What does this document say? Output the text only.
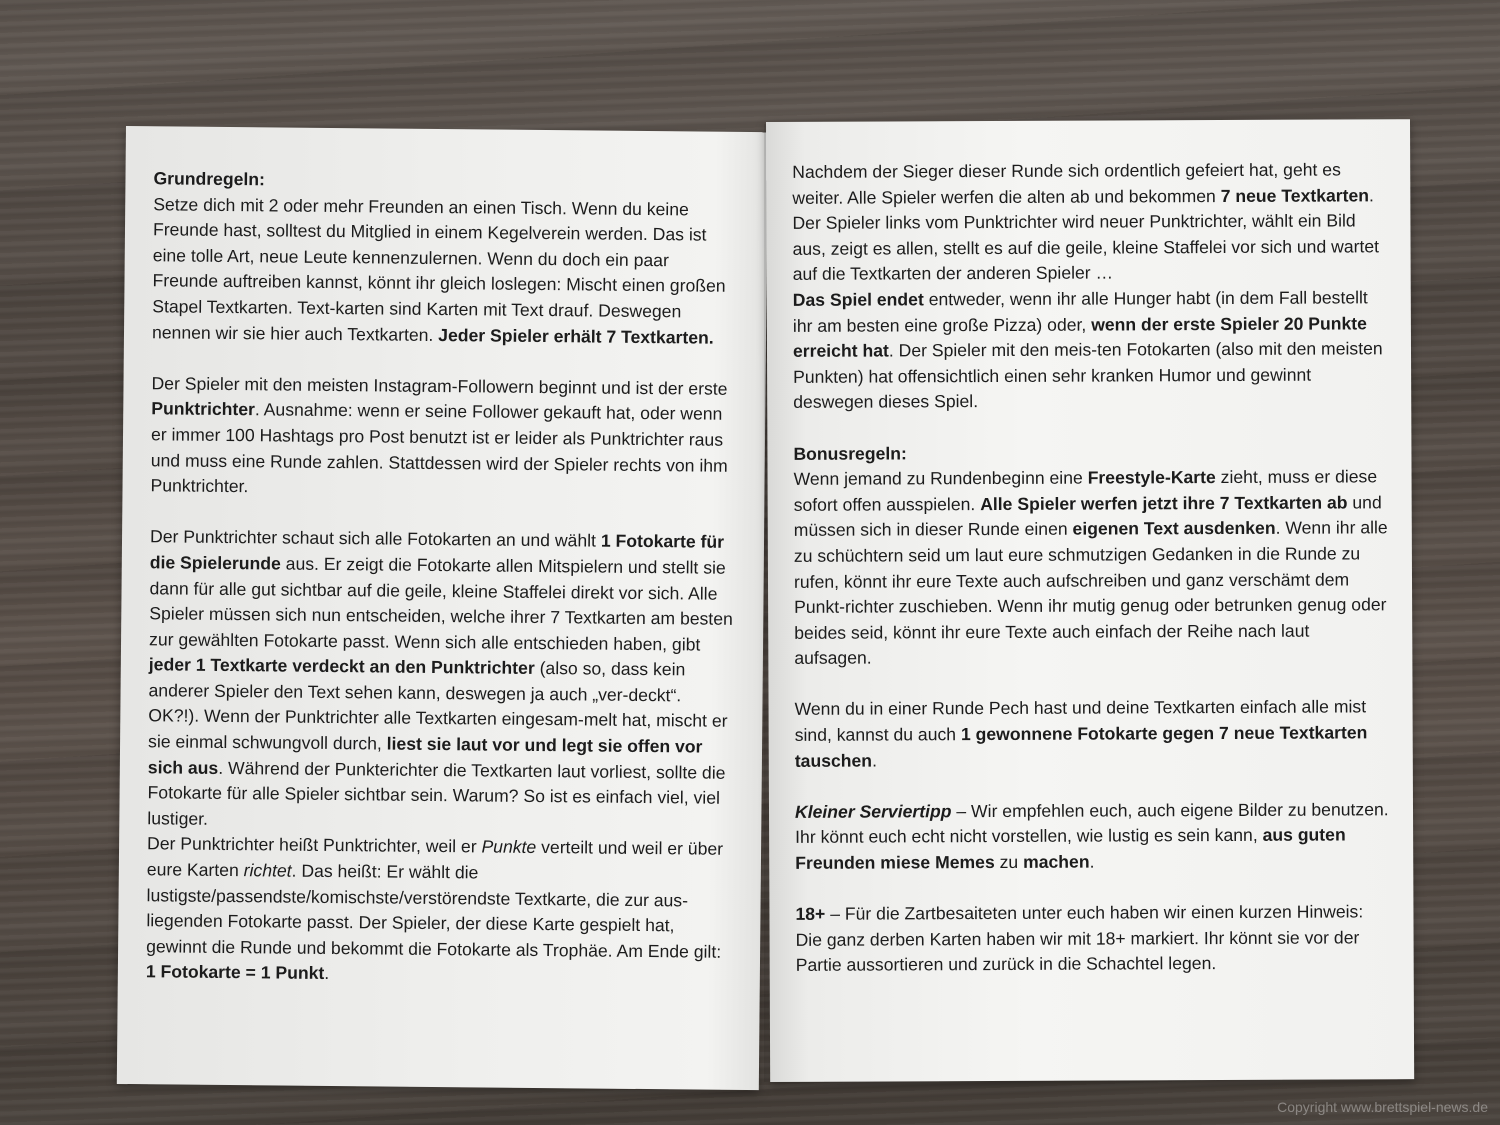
Grundregeln:
Setze dich mit 2 oder mehr Freunden an einen Tisch. Wenn du keine Freunde hast, solltest du Mitglied in einem Kegelverein werden. Das ist eine tolle Art, neue Leute kennenzulernen. Wenn du doch ein paar Freunde auftreiben kannst, könnt ihr gleich loslegen: Mischt einen großen Stapel Textkarten. Text-karten sind Karten mit Text drauf. Deswegen nennen wir sie hier auch Textkarten. Jeder Spieler erhält 7 Textkarten.

Der Spieler mit den meisten Instagram-Followern beginnt und ist der erste Punktrichter. Ausnahme: wenn er seine Follower gekauft hat, oder wenn er immer 100 Hashtags pro Post benutzt ist er leider als Punktrichter raus und muss eine Runde zahlen. Stattdessen wird der Spieler rechts von ihm Punktrichter.

Der Punktrichter schaut sich alle Fotokarten an und wählt 1 Fotokarte für die Spielerunde aus. Er zeigt die Fotokarte allen Mitspielern und stellt sie dann für alle gut sichtbar auf die geile, kleine Staffelei direkt vor sich. Alle Spieler müssen sich nun entscheiden, welche ihrer 7 Textkarten am besten zur gewählten Fotokarte passt. Wenn sich alle entschieden haben, gibt jeder 1 Textkarte verdeckt an den Punktrichter (also so, dass kein anderer Spieler den Text sehen kann, deswegen ja auch „ver-deckt“. OK?!). Wenn der Punktrichter alle Textkarten eingesam-melt hat, mischt er sie einmal schwungvoll durch, liest sie laut vor und legt sie offen vor sich aus. Während der Punkterichter die Textkarten laut vorliest, sollte die Fotokarte für alle Spieler sichtbar sein. Warum? So ist es einfach viel, viel lustiger.

Der Punktrichter heißt Punktrichter, weil er Punkte verteilt und weil er über eure Karten richtet. Das heißt: Er wählt die lustigste/passendste/komischste/verstörendste Textkarte, die zur aus-liegenden Fotokarte passt. Der Spieler, der diese Karte gespielt hat, gewinnt die Runde und bekommt die Fotokarte als Trophäe. Am Ende gilt: 1 Fotokarte = 1 Punkt.

Nachdem der Sieger dieser Runde sich ordentlich gefeiert hat, geht es weiter. Alle Spieler werfen die alten ab und bekommen 7 neue Textkarten. Der Spieler links vom Punktrichter wird neuer Punktrichter, wählt ein Bild aus, zeigt es allen, stellt es auf die geile, kleine Staffelei vor sich und wartet auf die Textkarten der anderen Spieler …

Das Spiel endet entweder, wenn ihr alle Hunger habt (in dem Fall bestellt ihr am besten eine große Pizza) oder, wenn der erste Spieler 20 Punkte erreicht hat. Der Spieler mit den meis-ten Fotokarten (also mit den meisten Punkten) hat offensichtlich einen sehr kranken Humor und gewinnt deswegen dieses Spiel.

Bonusregeln:
Wenn jemand zu Rundenbeginn eine Freestyle-Karte zieht, muss er diese sofort offen ausspielen. Alle Spieler werfen jetzt ihre 7 Textkarten ab und müssen sich in dieser Runde einen eigenen Text ausdenken. Wenn ihr alle zu schüchtern seid um laut eure schmutzigen Gedanken in die Runde zu rufen, könnt ihr eure Texte auch aufschreiben und ganz verschämt dem Punkt-richter zuschieben. Wenn ihr mutig genug oder betrunken genug oder beides seid, könnt ihr eure Texte auch einfach der Reihe nach laut aufsagen.

Wenn du in einer Runde Pech hast und deine Textkarten einfach alle mist sind, kannst du auch 1 gewonnene Fotokarte gegen 7 neue Textkarten tauschen.

Kleiner Serviertipp – Wir empfehlen euch, auch eigene Bilder zu benutzen. Ihr könnt euch echt nicht vorstellen, wie lustig es sein kann, aus guten Freunden miese Memes zu machen.

18+ – Für die Zartbesaiteten unter euch haben wir einen kurzen Hinweis: Die ganz derben Karten haben wir mit 18+ markiert. Ihr könnt sie vor der Partie aussortieren und zurück in die Schachtel legen.

Copyright www.brettspiel-news.de
